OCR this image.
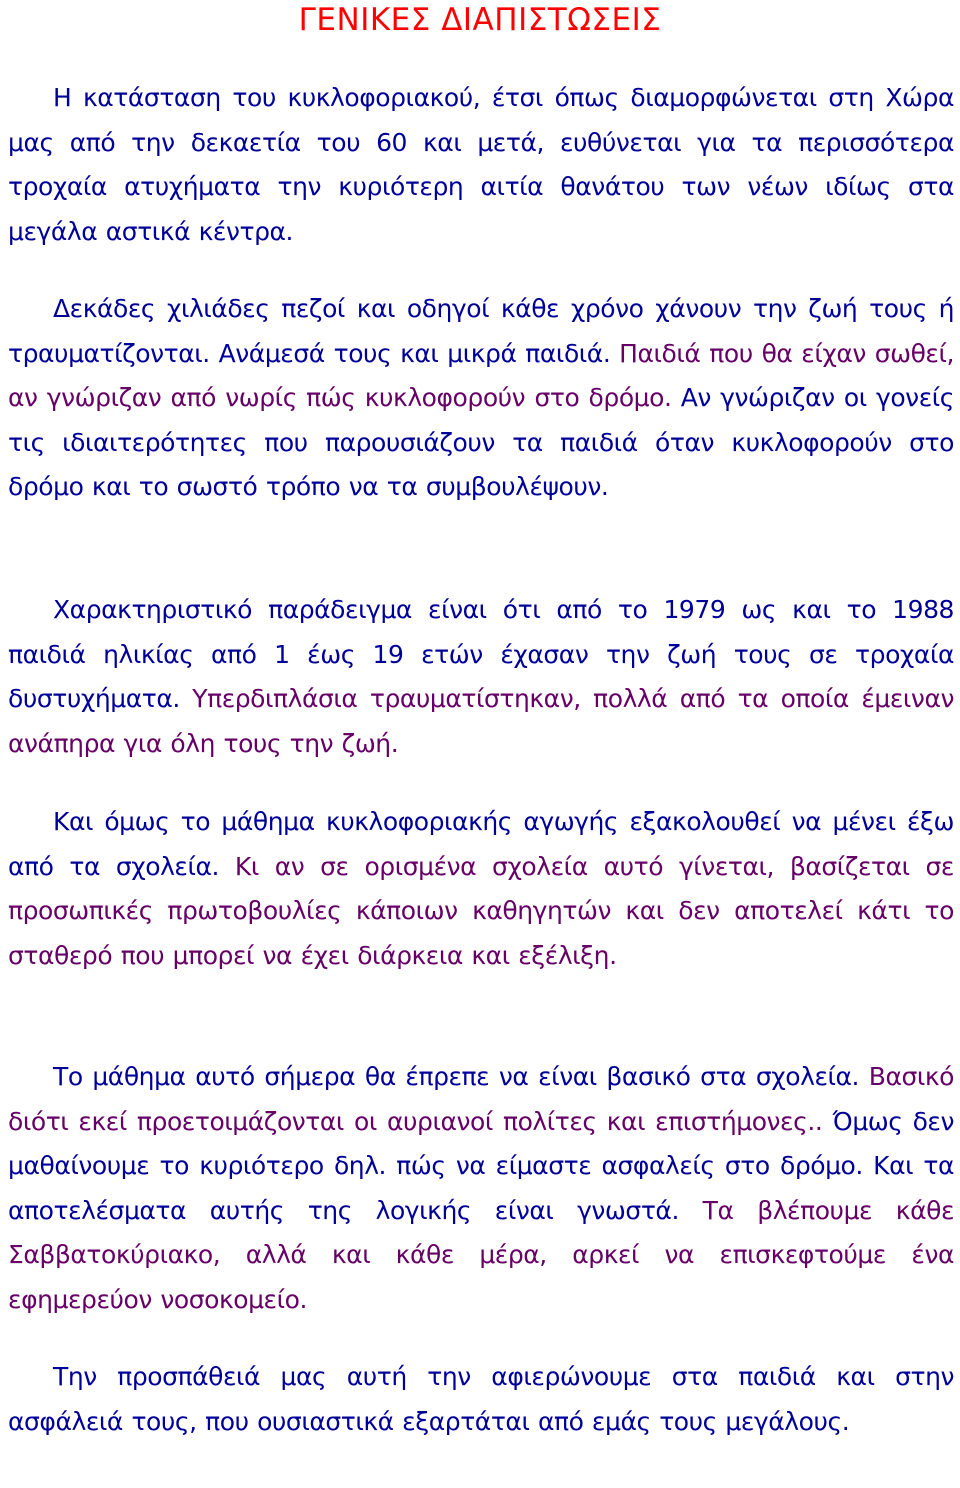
ΓΕΝΙΚΕΣ ΔΙΑΠΙΣΤΩΣΕΙΣ

Η κατάσταση του κυκλοφοριακού, έτσι όπως διαμορφώνεται στη Χώρα μας από την δεκαετία του 60 και μετά, ευθύνεται για τα περισσότερα τροχαία ατυχήματα την κυριότερη αιτία θανάτου των νέων ιδίως στα μεγάλα αστικά κέντρα.

Δεκάδες χιλιάδες πεζοί και οδηγοί κάθε χρόνο χάνουν την ζωή τους ή τραυματίζονται. Ανάμεσά τους και μικρά παιδιά. Παιδιά που θα είχαν σωθεί, αν γνώριζαν από νωρίς πώς κυκλοφορούν στο δρόμο. Αν γνώριζαν οι γονείς τις ιδιαιτερότητες που παρουσιάζουν τα παιδιά όταν κυκλοφορούν στο δρόμο και το σωστό τρόπο να τα συμβουλέψουν.

Χαρακτηριστικό παράδειγμα είναι ότι από το 1979 ως και το 1988 παιδιά ηλικίας από 1 έως 19 ετών έχασαν την ζωή τους σε τροχαία δυστυχήματα. Υπερδιπλάσια τραυματίστηκαν, πολλά από τα οποία έμειναν ανάπηρα για όλη τους την ζωή.

Και όμως το μάθημα κυκλοφοριακής αγωγής εξακολουθεί να μένει έξω από τα σχολεία. Κι αν σε ορισμένα σχολεία αυτό γίνεται, βασίζεται σε προσωπικές πρωτοβουλίες κάποιων καθηγητών και δεν αποτελεί κάτι το σταθερό που μπορεί να έχει διάρκεια και εξέλιξη.

Το μάθημα αυτό σήμερα θα έπρεπε να είναι βασικό στα σχολεία. Βασικό διότι εκεί προετοιμάζονται οι αυριανοί πολίτες και επιστήμονες.. Όμως δεν μαθαίνουμε το κυριότερο δηλ. πώς να είμαστε ασφαλείς στο δρόμο. Και τα αποτελέσματα αυτής της λογικής είναι γνωστά. Τα βλέπουμε κάθε Σαββατοκύριακο, αλλά και κάθε μέρα, αρκεί να επισκεφτούμε ένα εφημερεύον νοσοκομείο.

Την προσπάθειά μας αυτή την αφιερώνουμε στα παιδιά και στην ασφάλειά τους, που ουσιαστικά εξαρτάται από εμάς τους μεγάλους.
